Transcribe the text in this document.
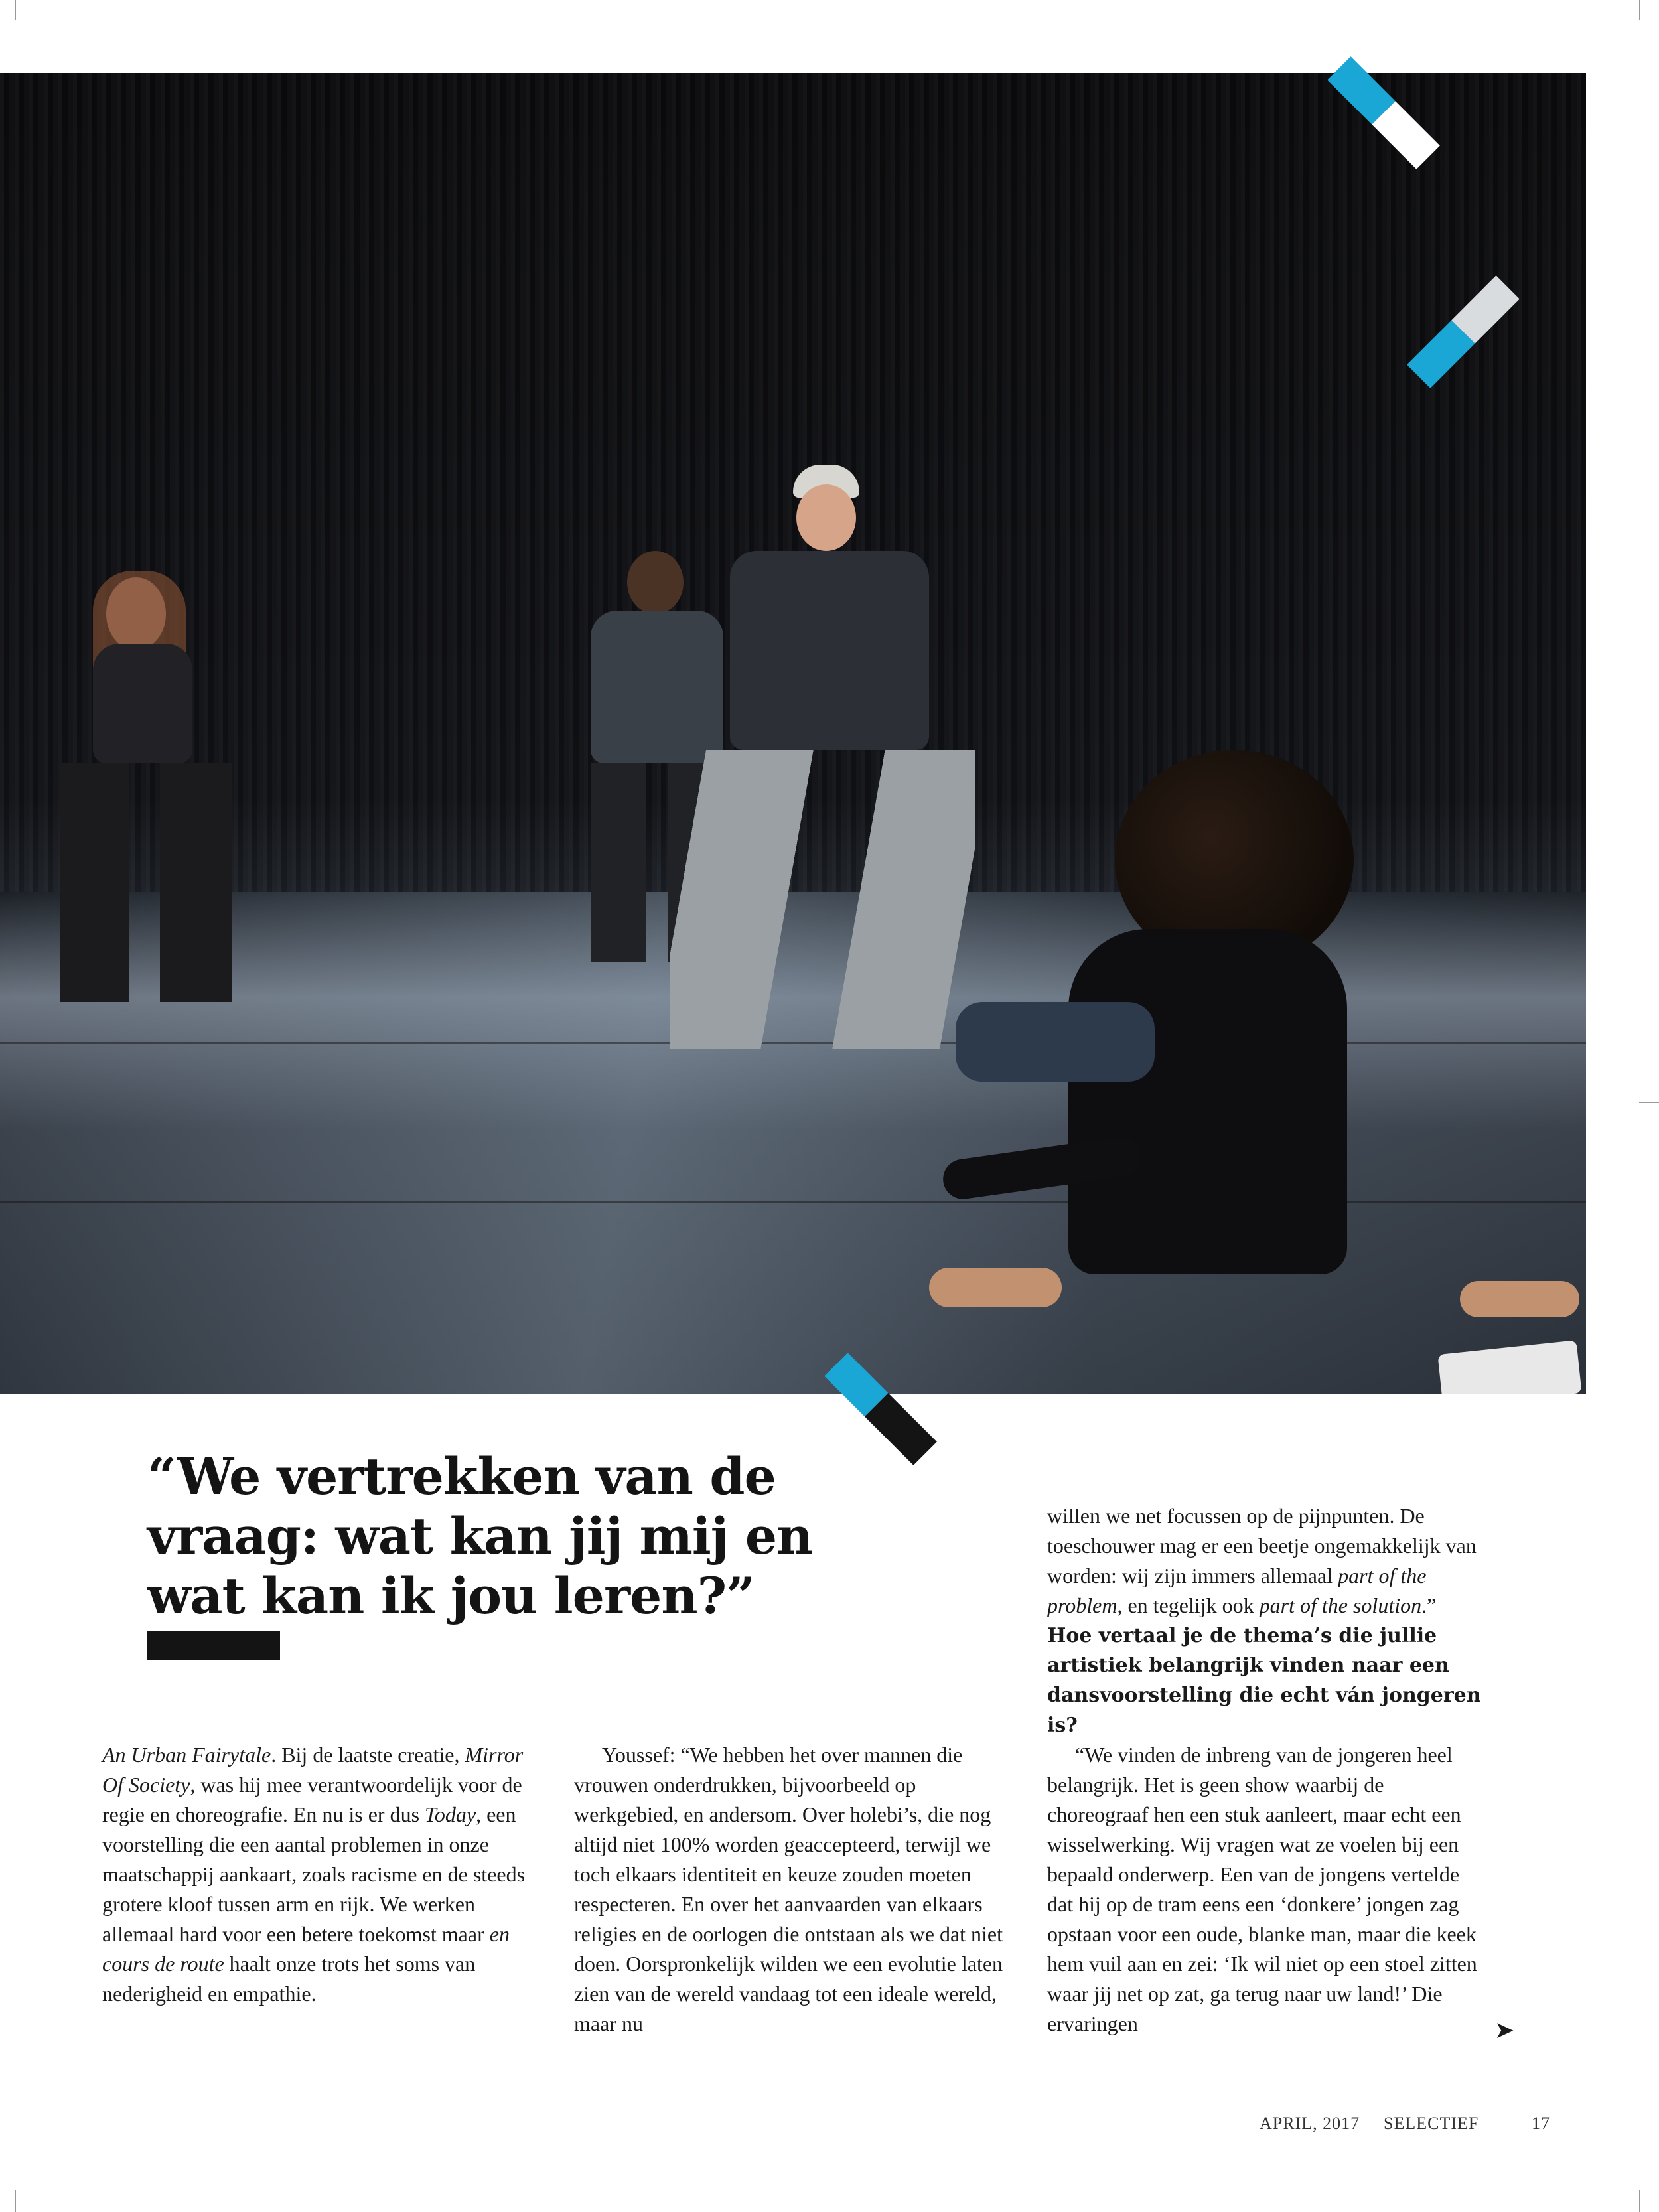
“We vertrekken van de vraag: wat kan jij mij en wat kan ik jou leren?”

An Urban Fairytale. Bij de laatste creatie, Mirror Of Society, was hij mee verantwoordelijk voor de regie en choreografie. En nu is er dus Today, een voorstelling die een aantal problemen in onze maatschappij aankaart, zoals racisme en de steeds grotere kloof tussen arm en rijk. We werken allemaal hard voor een betere toekomst maar en cours de route haalt onze trots het soms van nederigheid en empathie.

Youssef: “We hebben het over mannen die vrouwen onderdrukken, bijvoorbeeld op werkgebied, en andersom. Over holebi’s, die nog altijd niet 100% worden geaccepteerd, terwijl we toch elkaars identiteit en keuze zouden moeten respecteren. En over het aanvaarden van elkaars religies en de oorlogen die ontstaan als we dat niet doen. Oorspronkelijk wilden we een evolutie laten zien van de wereld vandaag tot een ideale wereld, maar nu

willen we net focussen op de pijnpunten. De toeschouwer mag er een beetje ongemakkelijk van worden: wij zijn immers allemaal part of the problem, en tegelijk ook part of the solution.”

Hoe vertaal je de thema’s die jullie artistiek belangrijk vinden naar een dansvoorstelling die echt ván jongeren is?

“We vinden de inbreng van de jongeren heel belangrijk. Het is geen show waarbij de choreograaf hen een stuk aanleert, maar echt een wisselwerking. Wij vragen wat ze voelen bij een bepaald onderwerp. Een van de jongens vertelde dat hij op de tram eens een ‘donkere’ jongen zag opstaan voor een oude, blanke man, maar die keek hem vuil aan en zei: ‘Ik wil niet op een stoel zitten waar jij net op zat, ga terug naar uw land!’ Die ervaringen	➤
APRIL, 2017 SELECTIEF	17
